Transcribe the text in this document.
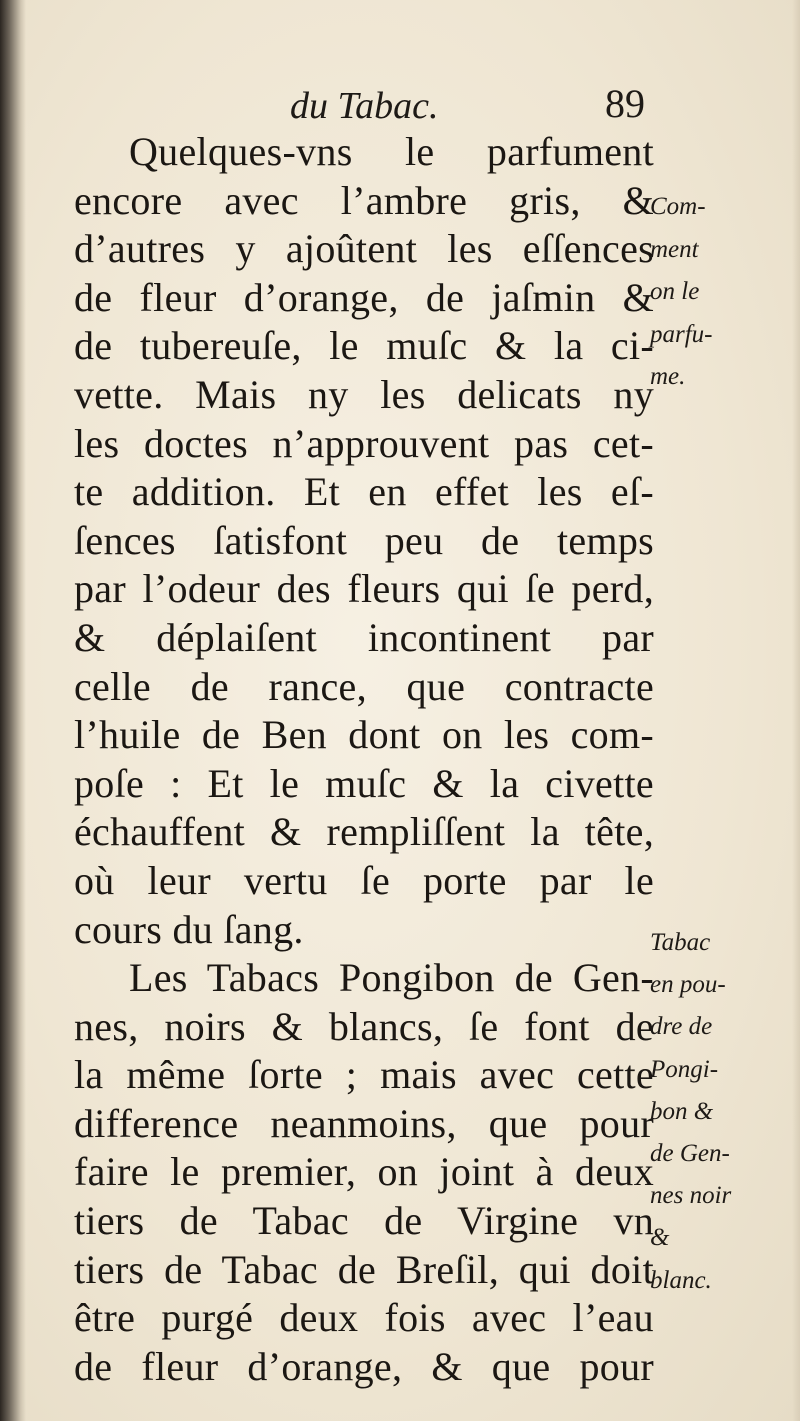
du Tabac.	89
Quelques-vns le parfument
encore avec l’ambre gris, &
d’autres y ajoûtent les eſſences
de fleur d’orange, de jaſmin &
de tubereuſe, le muſc & la ci-
vette. Mais ny les delicats ny
les doctes n’approuvent pas cet-
te addition. Et en effet les eſ-
ſences ſatisfont peu de temps
par l’odeur des fleurs qui ſe perd,
& déplaiſent incontinent par
celle de rance, que contracte
l’huile de Ben dont on les com-
poſe : Et le muſc & la civette
échauffent & rempliſſent la tête,
où leur vertu ſe porte par le
cours du ſang.
Les Tabacs Pongibon de Gen-
nes, noirs & blancs, ſe font de
la même ſorte ; mais avec cette
difference neanmoins, que pour
faire le premier, on joint à deux
tiers de Tabac de Virgine vn
tiers de Tabac de Breſil, qui doit
être purgé deux fois avec l’eau
de fleur d’orange, & que pour
Com-
ment
on le
parfu-
me.
Tabac
en pou-
dre de
Pongi-
bon &
de Gen-
nes noir
&
blanc.
